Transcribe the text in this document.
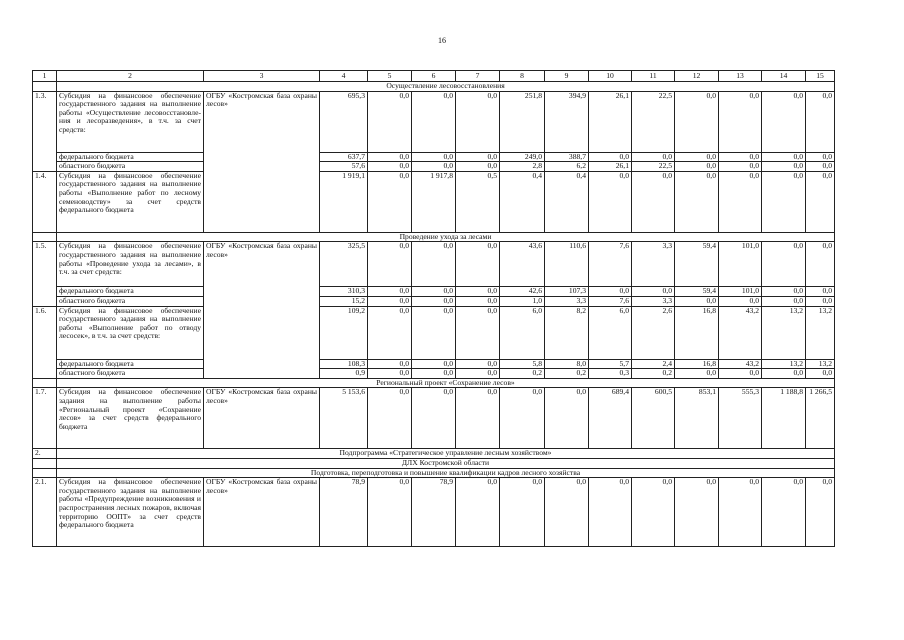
16
1	2	3	4	5	6	7	8	9	10	11	12	13	14	15
	Осуществление лесовосстановления													
1.3.	Субсидия на финансовое обеспечение государственного задания на выполнение работы «Осуществление лесовосстановле-ния и лесоразведения», в т.ч. за счет средств:	ОГБУ «Костромская база охраны лесов»	695,3	0,0	0,0	0,0	251,8	394,9	26,1	22,5	0,0	0,0	0,0	0,0
	федерального бюджета		637,7	0,0	0,0	0,0	249,0	388,7	0,0	0,0	0,0	0,0	0,0	0,0
	областного бюджета		57,6	0,0	0,0	0,0	2,8	6,2	26,1	22,5	0,0	0,0	0,0	0,0
1.4.	Субсидия на финансовое обеспечение государственного задания на выполнение работы «Выполнение работ по лесному семеноводству» за счет средств федерального бюджета		1 919,1	0,0	1 917,8	0,5	0,4	0,4	0,0	0,0	0,0	0,0	0,0	0,0
	Проведение ухода за лесами													
1.5.	Субсидия на финансовое обеспечение государственного задания на выполнение работы «Проведение ухода за лесами», в т.ч. за счет средств:	ОГБУ «Костромская база охраны лесов»	325,5	0,0	0,0	0,0	43,6	110,6	7,6	3,3	59,4	101,0	0,0	0,0
	федерального бюджета		310,3	0,0	0,0	0,0	42,6	107,3	0,0	0,0	59,4	101,0	0,0	0,0
	областного бюджета		15,2	0,0	0,0	0,0	1,0	3,3	7,6	3,3	0,0	0,0	0,0	0,0
1.6.	Субсидия на финансовое обеспечение государственного задания на выполнение работы «Выполнение работ по отводу лесосек», в т.ч. за счет средств:		109,2	0,0	0,0	0,0	6,0	8,2	6,0	2,6	16,8	43,2	13,2	13,2
	федерального бюджета		108,3	0,0	0,0	0,0	5,8	8,0	5,7	2,4	16,8	43,2	13,2	13,2
	областного бюджета		0,9	0,0	0,0	0,0	0,2	0,2	0,3	0,2	0,0	0,0	0,0	0,0
	Региональный проект «Сохранение лесов»													
1.7.	Субсидия на финансовое обеспечение задания на выполнение работы «Региональный проект «Сохранение лесов» за счет средств федерального бюджета	ОГБУ «Костромская база охраны лесов»	5 153,6	0,0	0,0	0,0	0,0	0,0	689,4	600,5	853,1	555,3	1 188,8	1 266,5
2.	Подпрограмма «Стратегическое управление лесным хозяйством»													
	ДЛХ Костромской области													
	Подготовка, переподготовка и повышение квалификации кадров лесного хозяйства													
2.1.	Субсидия на финансовое обеспечение государственного задания на выполнение работы «Предупреждение возникновения и распространения лесных пожаров, включая территорию ООПТ» за счет средств федерального бюджета	ОГБУ «Костромская база охраны лесов»	78,9	0,0	78,9	0,0	0,0	0,0	0,0	0,0	0,0	0,0	0,0	0,0
